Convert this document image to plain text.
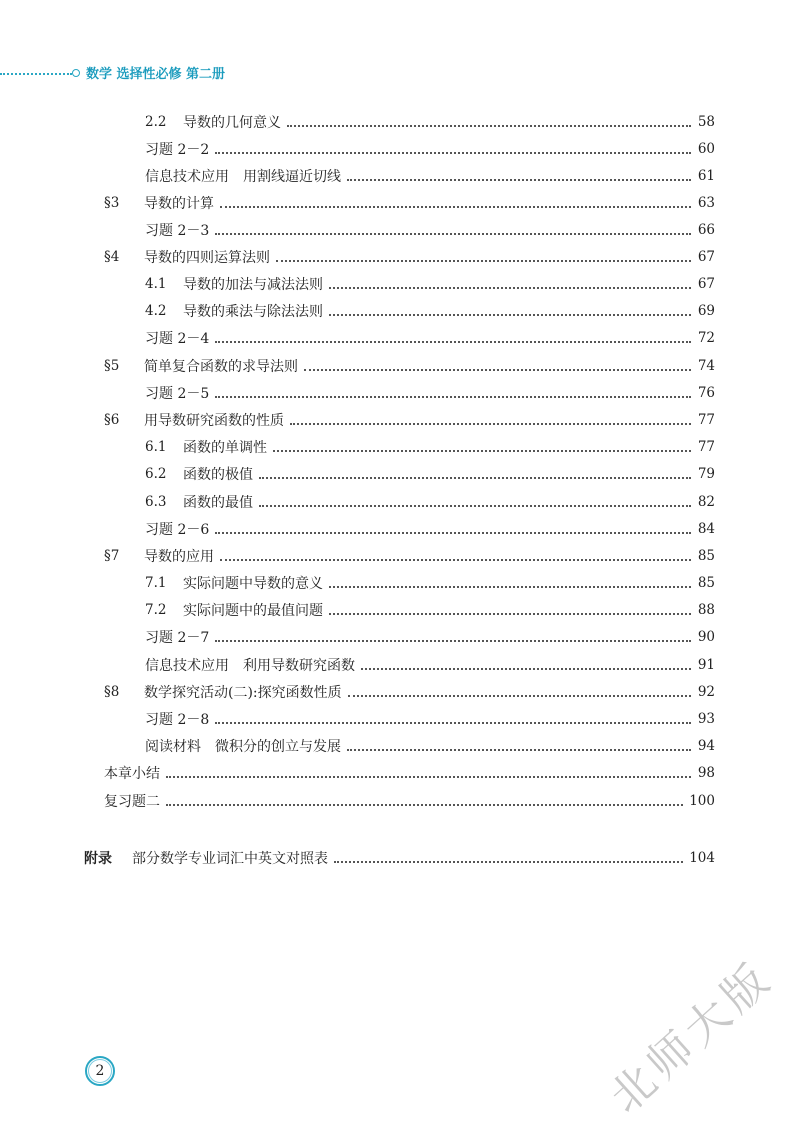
数学 选择性必修 第二册
2.2	导数的几何意义	58
习题 2－2	60
信息技术应用　用割线逼近切线	61
§3	导数的计算	63
习题 2－3	66
§4	导数的四则运算法则	67
4.1	导数的加法与减法法则	67
4.2	导数的乘法与除法法则	69
习题 2－4	72
§5	简单复合函数的求导法则	74
习题 2－5	76
§6	用导数研究函数的性质	77
6.1	函数的单调性	77
6.2	函数的极值	79
6.3	函数的最值	82
习题 2－6	84
§7	导数的应用	85
7.1	实际问题中导数的意义	85
7.2	实际问题中的最值问题	88
习题 2－7	90
信息技术应用　利用导数研究函数	91
§8	数学探究活动(二):探究函数性质	92
习题 2－8	93
阅读材料　微积分的创立与发展	94
本章小结	98
复习题二	100
附录	部分数学专业词汇中英文对照表	104
2	北师大版
